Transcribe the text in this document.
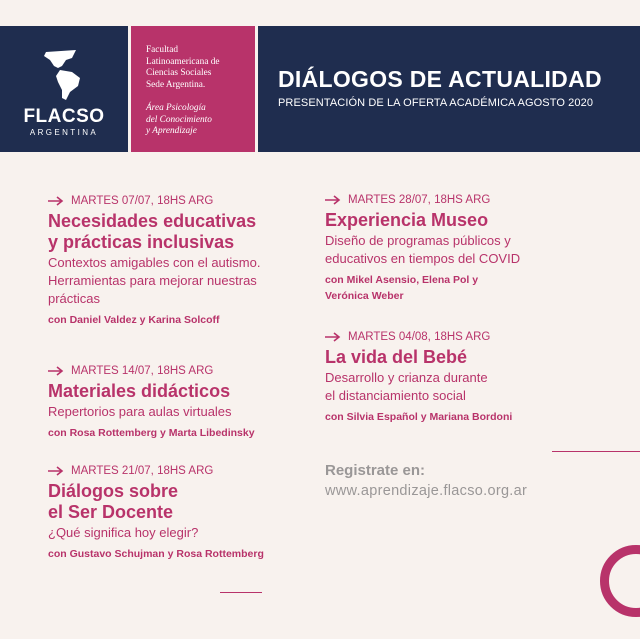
FLACSO
ARGENTINA
Facultad
Latinoamericana de
Ciencias Sociales
Sede Argentina.
Área Psicología
del Conocimiento
y Aprendizaje
DIÁLOGOS DE ACTUALIDAD
PRESENTACIÓN DE LA OFERTA ACADÉMICA AGOSTO 2020
MARTES 07/07, 18HS ARG
Necesidades educativas
y prácticas inclusivas
Contextos amigables con el autismo.
Herramientas para mejorar nuestras
prácticas
con Daniel Valdez y Karina Solcoff
MARTES 14/07, 18HS ARG
Materiales didácticos
Repertorios para aulas virtuales
con Rosa Rottemberg y Marta Libedinsky
MARTES 21/07, 18HS ARG
Diálogos sobre
el Ser Docente
¿Qué significa hoy elegir?
con Gustavo Schujman y Rosa Rottemberg
MARTES 28/07, 18HS ARG
Experiencia Museo
Diseño de programas públicos y
educativos en tiempos del COVID
con Mikel Asensio, Elena Pol y
Verónica Weber
MARTES 04/08, 18HS ARG
La vida del Bebé
Desarrollo y crianza durante
el distanciamiento social
con Silvia Español y Mariana Bordoni
Registrate en:
www.aprendizaje.flacso.org.ar
